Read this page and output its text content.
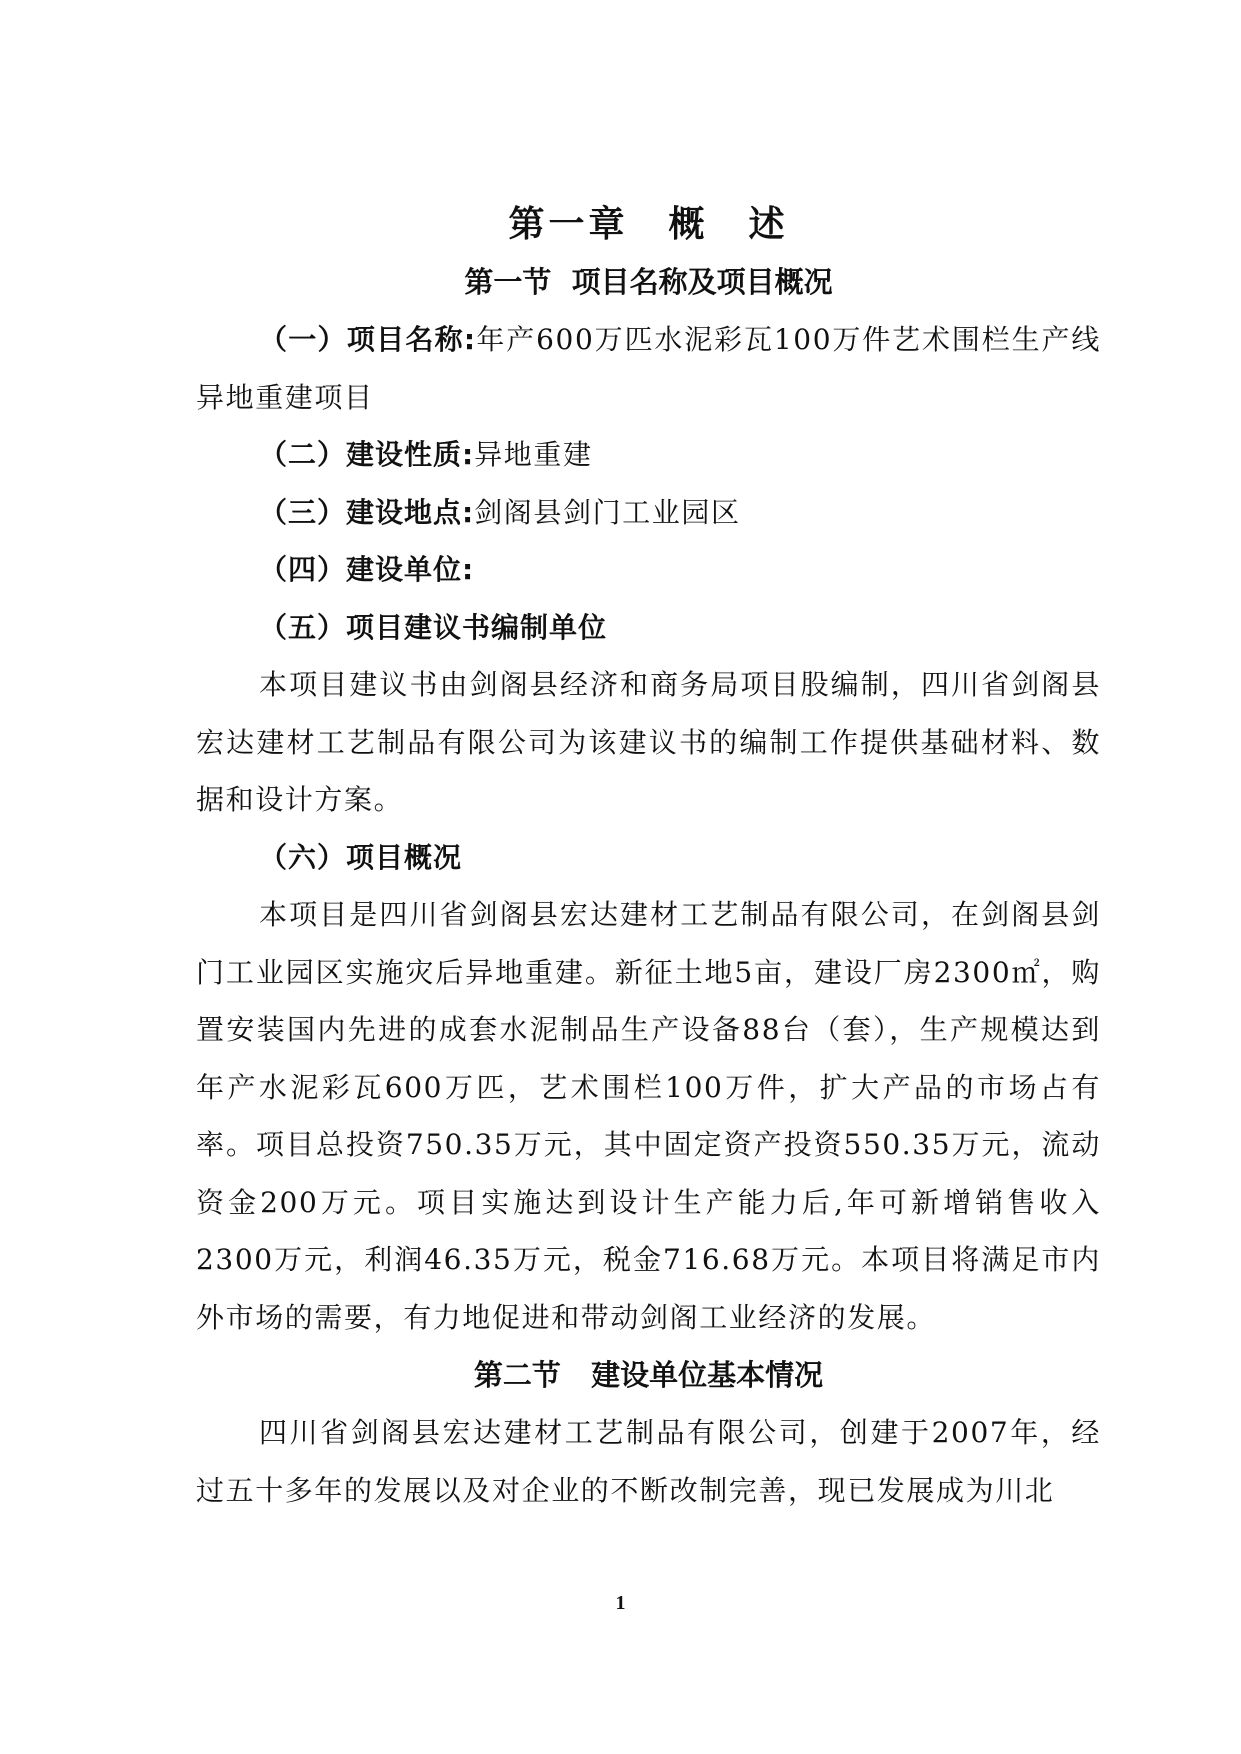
第一章　概　述
第一节  项目名称及项目概况

（一）项目名称:年产600万匹水泥彩瓦100万件艺术围栏生产线异地重建项目

（二）建设性质:异地重建

（三）建设地点:剑阁县剑门工业园区

（四）建设单位:

（五）项目建议书编制单位

本项目建议书由剑阁县经济和商务局项目股编制，四川省剑阁县宏达建材工艺制品有限公司为该建议书的编制工作提供基础材料、数据和设计方案。

（六）项目概况

本项目是四川省剑阁县宏达建材工艺制品有限公司，在剑阁县剑门工业园区实施灾后异地重建。新征土地5亩，建设厂房2300㎡，购置安装国内先进的成套水泥制品生产设备88台（套），生产规模达到年产水泥彩瓦600万匹，艺术围栏100万件，扩大产品的市场占有率。项目总投资750.35万元，其中固定资产投资550.35万元，流动资金200万元。项目实施达到设计生产能力后,年可新增销售收入2300万元，利润46.35万元，税金716.68万元。本项目将满足市内外市场的需要，有力地促进和带动剑阁工业经济的发展。

第二节   建设单位基本情况

四川省剑阁县宏达建材工艺制品有限公司，创建于2007年，经过五十多年的发展以及对企业的不断改制完善，现已发展成为川北

1
